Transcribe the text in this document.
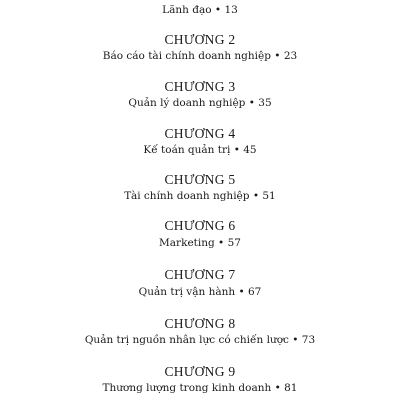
Lãnh đạo • 13
CHƯƠNG 2
Báo cáo tài chính doanh nghiệp • 23
CHƯƠNG 3
Quản lý doanh nghiệp • 35
CHƯƠNG 4
Kế toán quản trị • 45
CHƯƠNG 5
Tài chính doanh nghiệp • 51
CHƯƠNG 6
Marketing • 57
CHƯƠNG 7
Quản trị vận hành • 67
CHƯƠNG 8
Quản trị nguồn nhân lực có chiến lược • 73
CHƯƠNG 9
Thương lượng trong kinh doanh • 81
